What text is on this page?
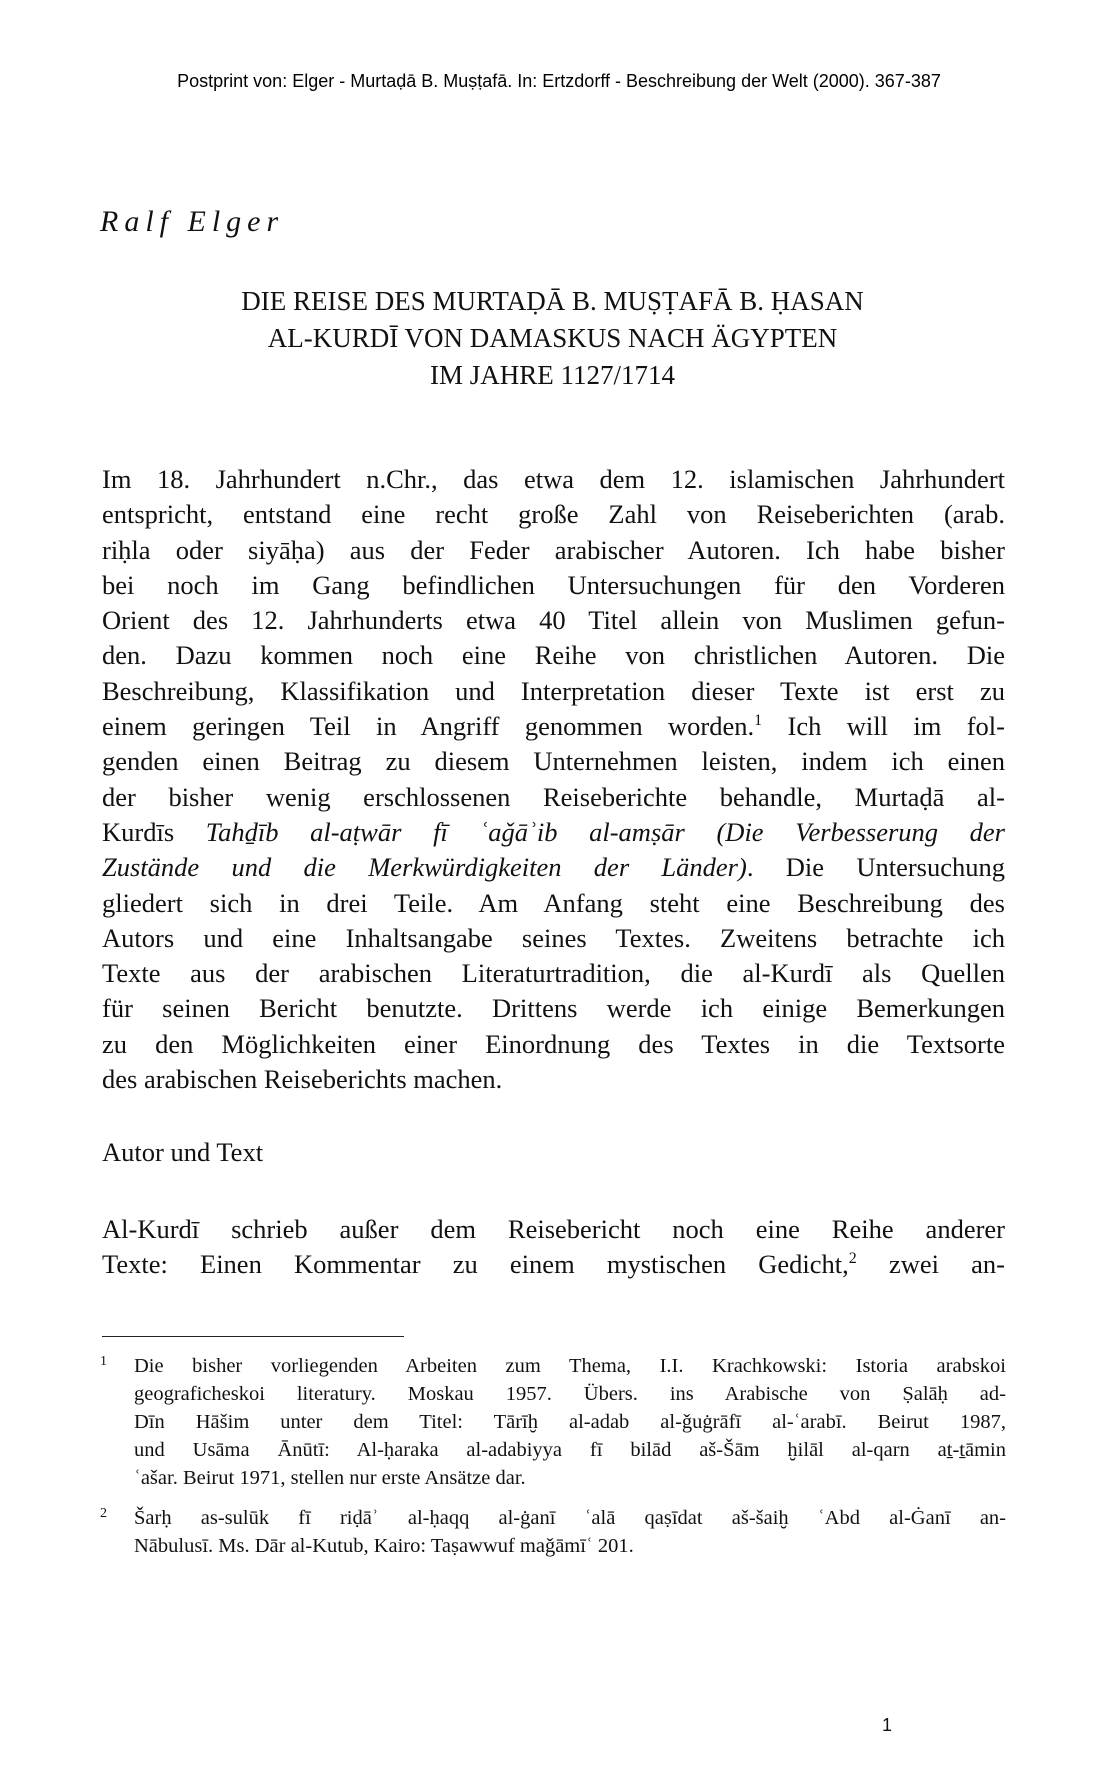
Postprint von: Elger - Murtaḍā B. Muṣṭafā. In: Ertzdorff - Beschreibung der Welt (2000). 367-387
Ralf Elger
DIE REISE DES MURTAḌĀ B. MUṢṬAFĀ B. ḤASAN
AL-KURDĪ VON DAMASKUS NACH ÄGYPTEN
IM JAHRE 1127/1714
Im 18. Jahrhundert n.Chr., das etwa dem 12. islamischen Jahrhundert
entspricht, entstand eine recht große Zahl von Reiseberichten (arab.
riḥla oder siyāḥa) aus der Feder arabischer Autoren. Ich habe bisher
bei noch im Gang befindlichen Untersuchungen für den Vorderen
Orient des 12. Jahrhunderts etwa 40 Titel allein von Muslimen gefun-
den. Dazu kommen noch eine Reihe von christlichen Autoren. Die
Beschreibung, Klassifikation und Interpretation dieser Texte ist erst zu
einem geringen Teil in Angriff genommen worden.$^1$ Ich will im fol-
genden einen Beitrag zu diesem Unternehmen leisten, indem ich einen
der bisher wenig erschlossenen Reiseberichte behandle, Murtaḍā al-
Kurdīs Tahḏīb al-aṭwār fī ʿaǧāʾib al-amṣār (Die Verbesserung der
Zustände und die Merkwürdigkeiten der Länder). Die Untersuchung
gliedert sich in drei Teile. Am Anfang steht eine Beschreibung des
Autors und eine Inhaltsangabe seines Textes. Zweitens betrachte ich
Texte aus der arabischen Literaturtradition, die al-Kurdī als Quellen
für seinen Bericht benutzte. Drittens werde ich einige Bemerkungen
zu den Möglichkeiten einer Einordnung des Textes in die Textsorte
des arabischen Reiseberichts machen.
Autor und Text
Al-Kurdī schrieb außer dem Reisebericht noch eine Reihe anderer
Texte: Einen Kommentar zu einem mystischen Gedicht,$^2$ zwei an-
1 Die bisher vorliegenden Arbeiten zum Thema, I.I. Krachkowski: Istoria arabskoi
geograficheskoi literatury. Moskau 1957. Übers. ins Arabische von Ṣalāḥ ad-
Dīn Hāšim unter dem Titel: Tārīḫ al-adab al-ǧuġrāfī al-ʿarabī. Beirut 1987,
und Usāma Ānūtī: Al-ḥaraka al-adabiyya fī bilād aš-Šām ḫilāl al-qarn aṯ-ṯāmin
ʿašar. Beirut 1971, stellen nur erste Ansätze dar.
2 Šarḥ as-sulūk fī riḍāʾ al-ḥaqq al-ġanī ʿalā qaṣīdat aš-šaiḫ ʿAbd al-Ġanī an-
Nābulusī. Ms. Dār al-Kutub, Kairo: Taṣawwuf maǧāmīʿ 201.
1
